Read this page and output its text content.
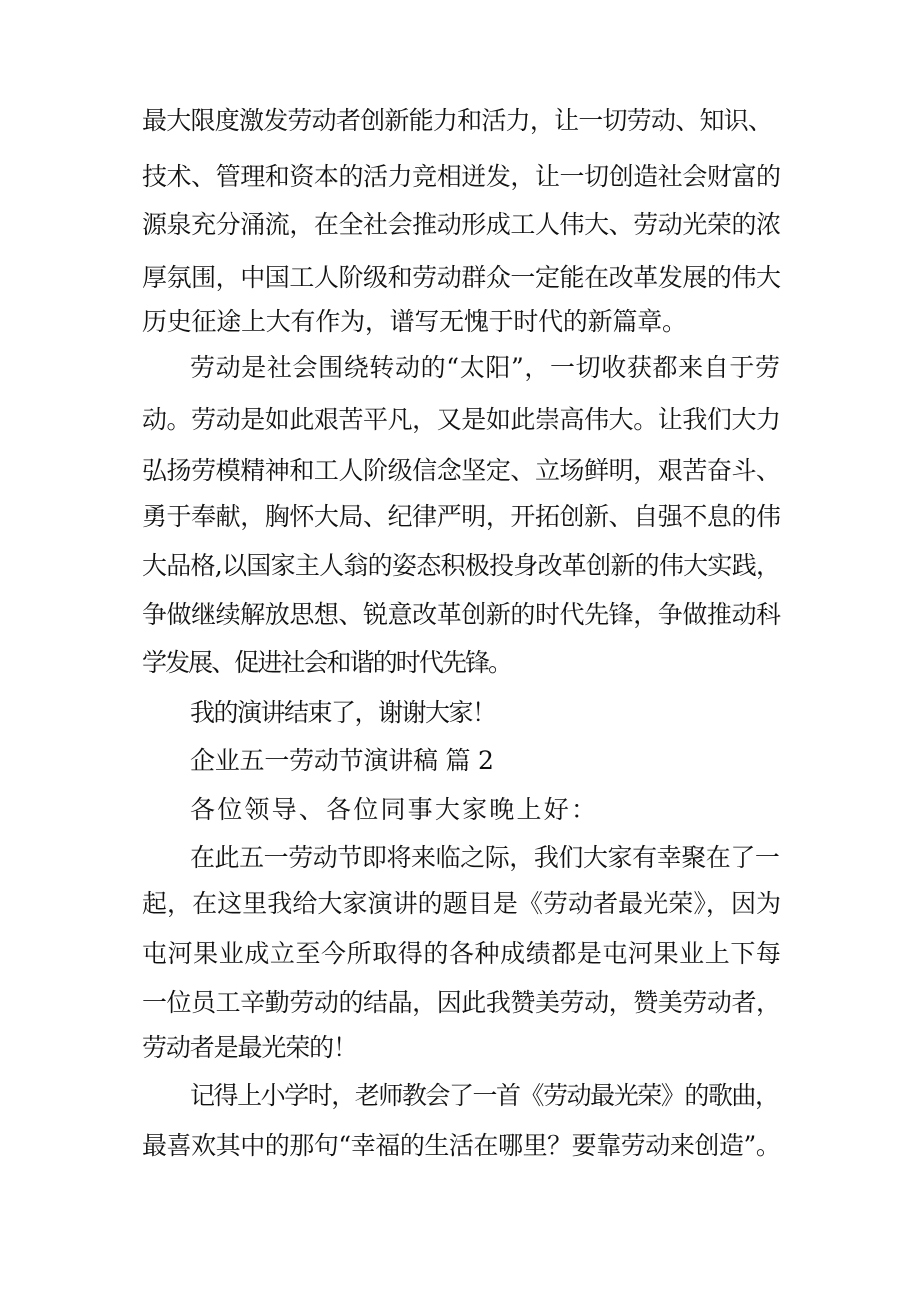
最大限度激发劳动者创新能力和活力，让一切劳动、知识、
技术、管理和资本的活力竞相迸发，让一切创造社会财富的
源泉充分涌流，在全社会推动形成工人伟大、劳动光荣的浓
厚氛围，中国工人阶级和劳动群众一定能在改革发展的伟大
历史征途上大有作为，谱写无愧于时代的新篇章。
劳动是社会围绕转动的“太阳”，一切收获都来自于劳
动。劳动是如此艰苦平凡，又是如此崇高伟大。让我们大力
弘扬劳模精神和工人阶级信念坚定、立场鲜明，艰苦奋斗、
勇于奉献，胸怀大局、纪律严明，开拓创新、自强不息的伟
大品格,以国家主人翁的姿态积极投身改革创新的伟大实践，
争做继续解放思想、锐意改革创新的时代先锋，争做推动科
学发展、促进社会和谐的时代先锋。
我的演讲结束了，谢谢大家！
企业五一劳动节演讲稿 篇 2
各位领导、各位同事大家晚上好：
在此五一劳动节即将来临之际，我们大家有幸聚在了一
起，在这里我给大家演讲的题目是《劳动者最光荣》，因为
屯河果业成立至今所取得的各种成绩都是屯河果业上下每
一位员工辛勤劳动的结晶，因此我赞美劳动，赞美劳动者，
劳动者是最光荣的！
记得上小学时，老师教会了一首《劳动最光荣》的歌曲，
最喜欢其中的那句“幸福的生活在哪里？要靠劳动来创造”。
